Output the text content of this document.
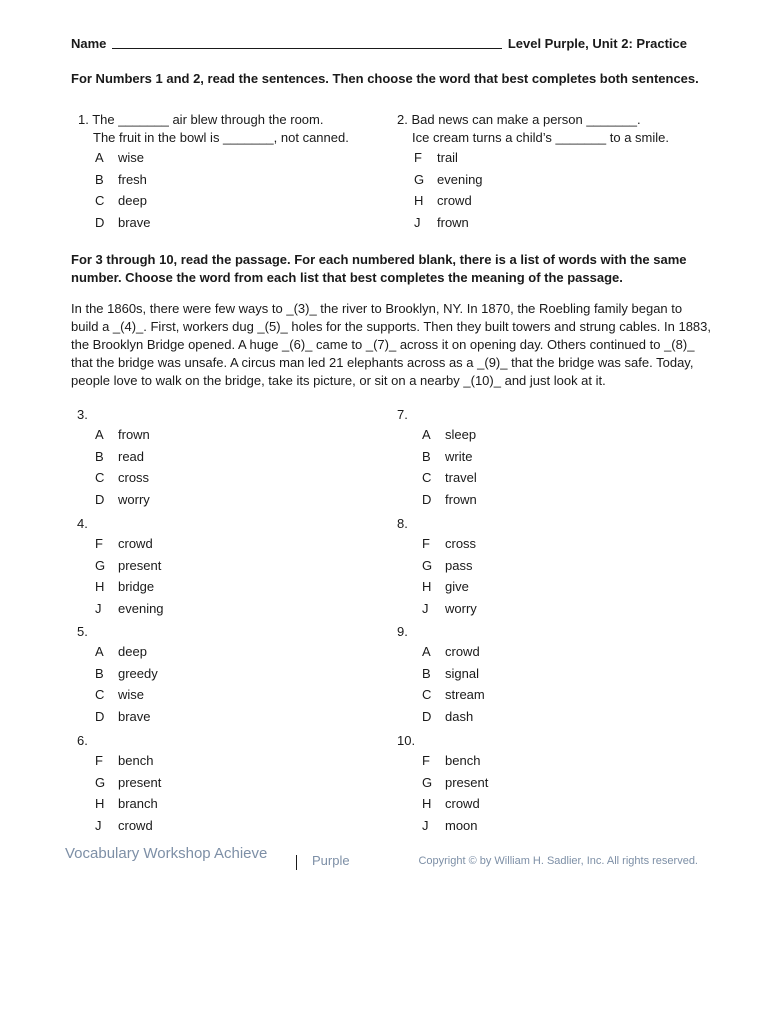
Name	Level Purple, Unit 2: Practice
For Numbers 1 and 2, read the sentences. Then choose the word that best completes both sentences.
1. The _______ air blew through the room.
The fruit in the bowl is _______, not canned.
A wise
B fresh
C deep
D brave
2. Bad news can make a person _______.
Ice cream turns a child’s _______ to a smile.
F trail
G evening
H crowd
J frown
For 3 through 10, read the passage. For each numbered blank, there is a list of words with the same number. Choose the word from each list that best completes the meaning of the passage.
In the 1860s, there were few ways to _(3)_ the river to Brooklyn, NY. In 1870, the Roebling family began to build a _(4)_. First, workers dug _(5)_ holes for the supports. Then they built towers and strung cables. In 1883, the Brooklyn Bridge opened. A huge _(6)_ came to _(7)_ across it on opening day. Others continued to _(8)_ that the bridge was unsafe. A circus man led 21 elephants across as a _(9)_ that the bridge was safe. Today, people love to walk on the bridge, take its picture, or sit on a nearby _(10)_ and just look at it.
3.
A frown
B read
C cross
D worry
4.
F crowd
G present
H bridge
J evening
5.
A deep
B greedy
C wise
D brave
6.
F bench
G present
H branch
J crowd
7.
A sleep
B write
C travel
D frown
8.
F cross
G pass
H give
J worry
9.
A crowd
B signal
C stream
D dash
10.
F bench
G present
H crowd
J moon
Vocabulary Workshop Achieve	Purple	Copyright © by William H. Sadlier, Inc. All rights reserved.
